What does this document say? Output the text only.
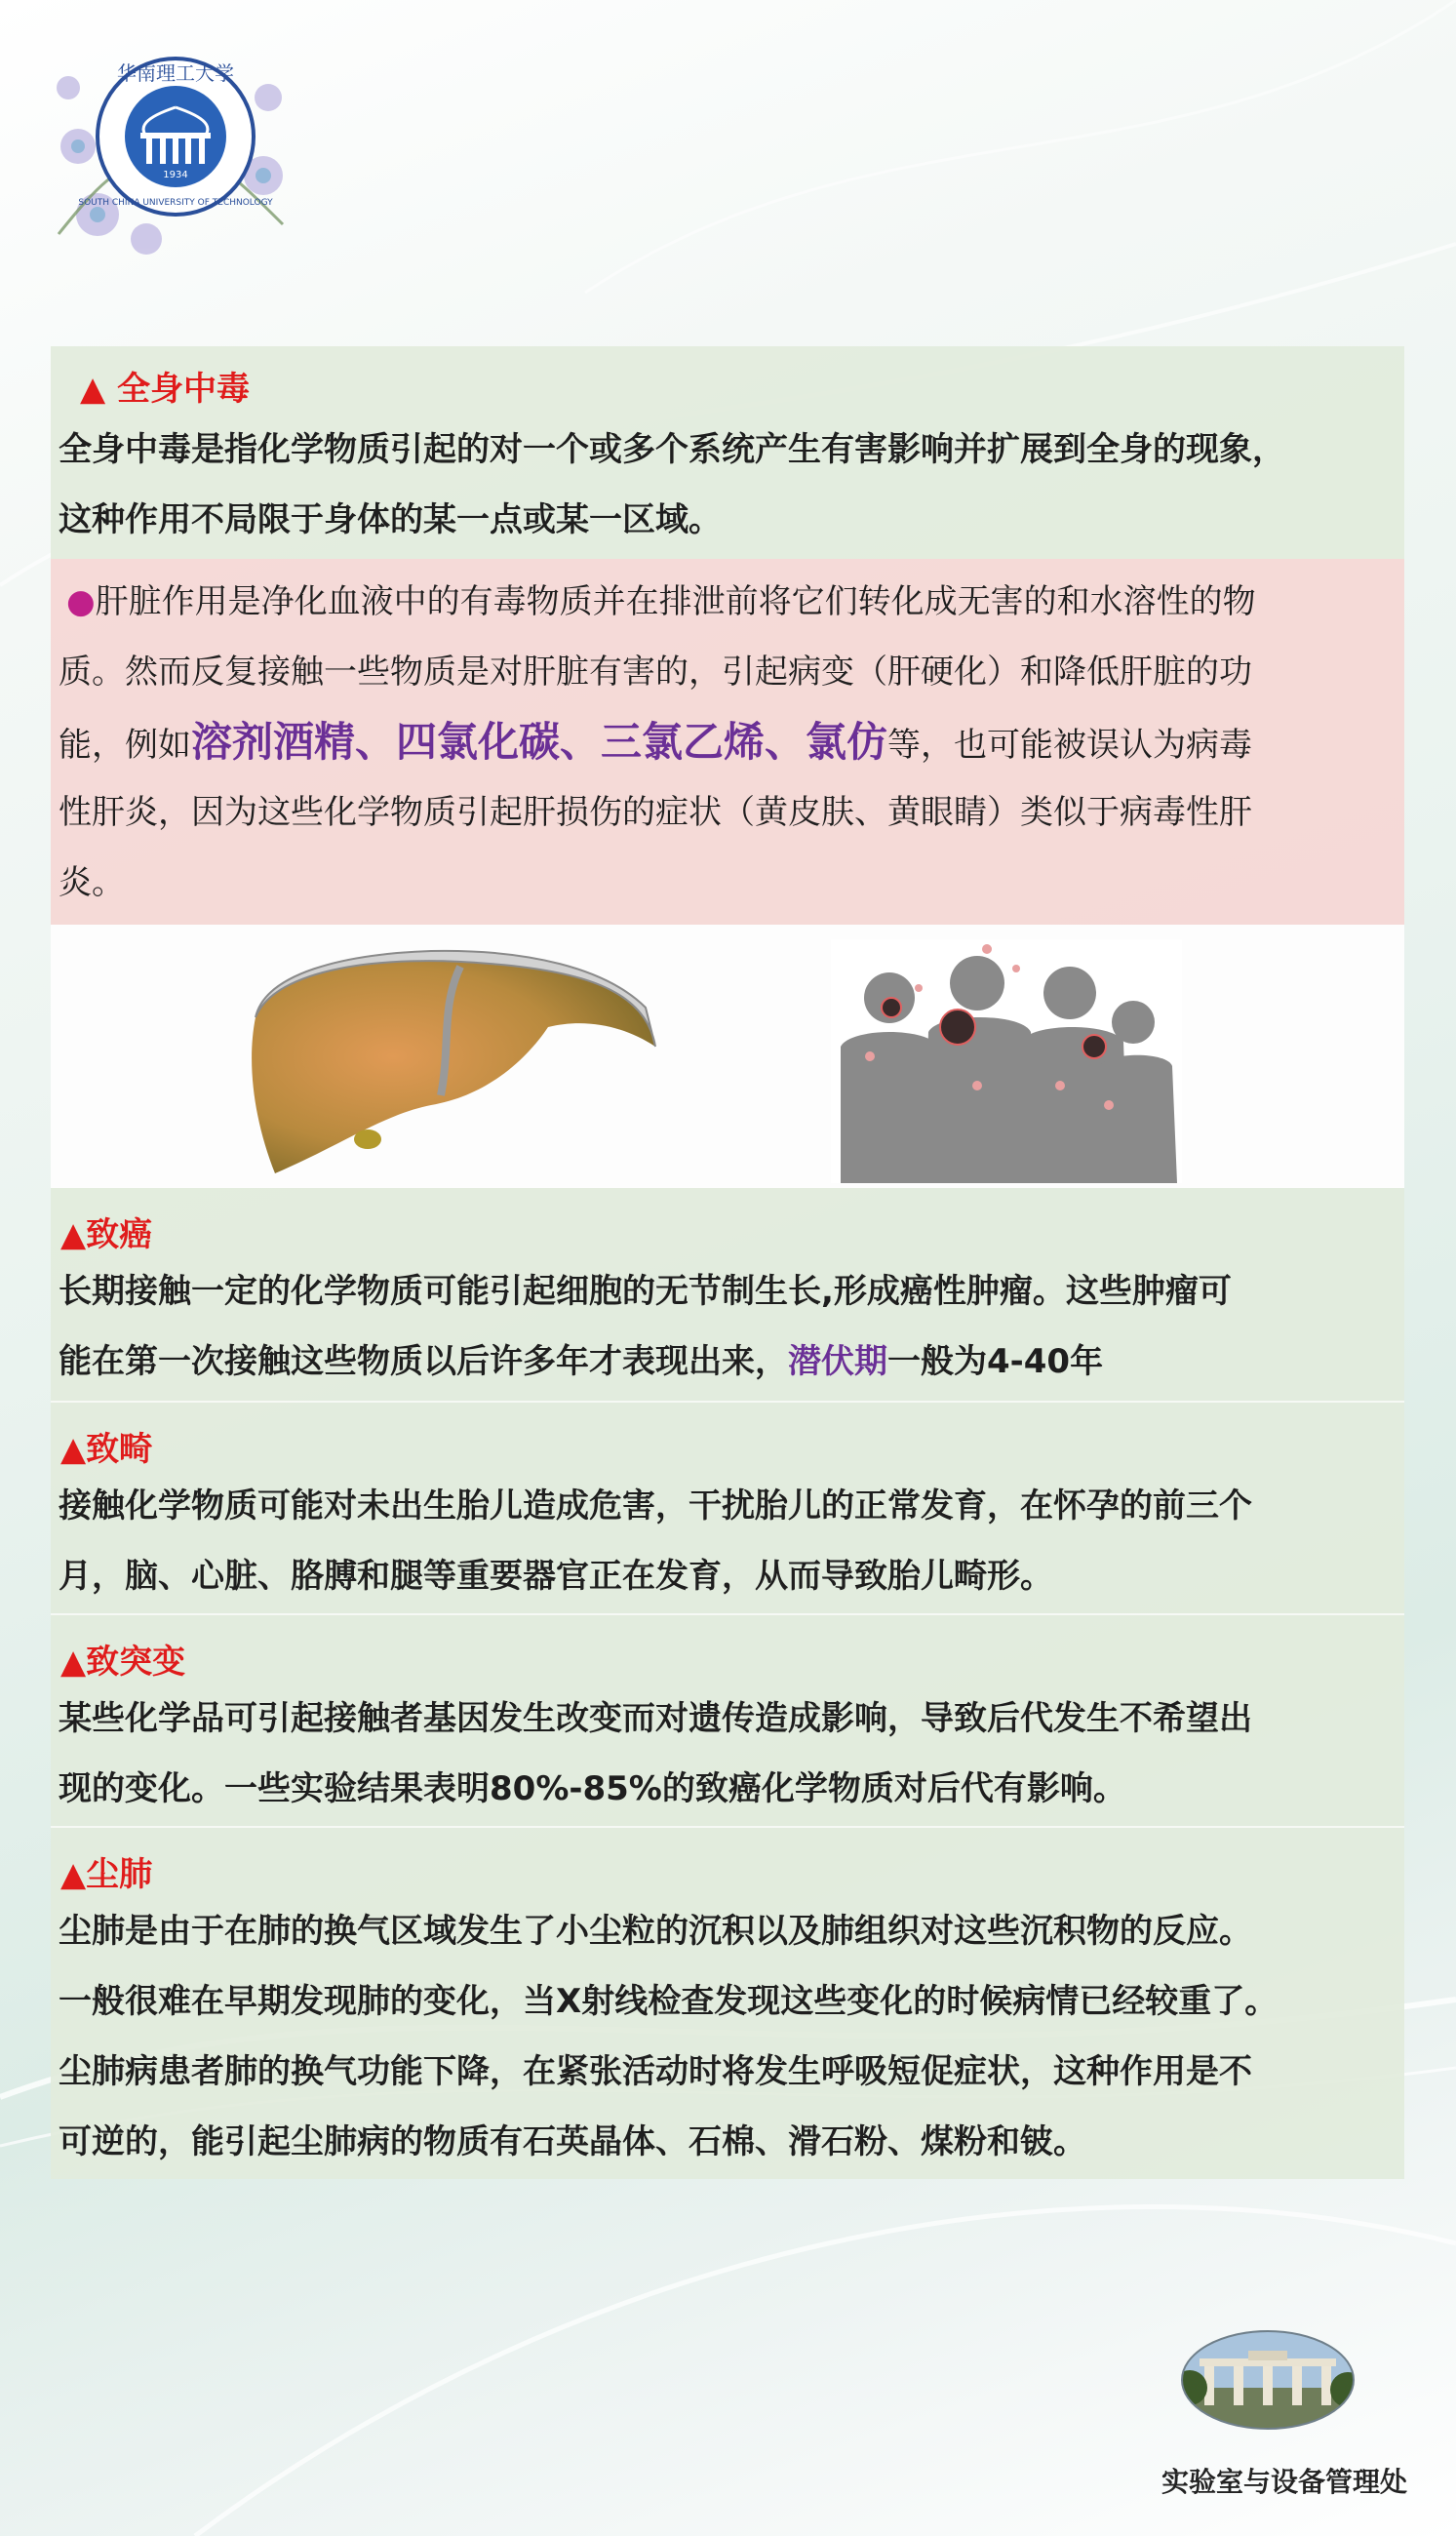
华南理工大学
SOUTH CHINA UNIVERSITY OF TECHNOLOGY
1934
▲ 全身中毒
全身中毒是指化学物质引起的对一个或多个系统产生有害影响并扩展到全身的现象，
这种作用不局限于身体的某一点或某一区域。
●肝脏作用是净化血液中的有毒物质并在排泄前将它们转化成无害的和水溶性的物
质。然而反复接触一些物质是对肝脏有害的，引起病变（肝硬化）和降低肝脏的功
能，例如溶剂酒精、四氯化碳、三氯乙烯、氯仿等，也可能被误认为病毒
性肝炎，因为这些化学物质引起肝损伤的症状（黄皮肤、黄眼睛）类似于病毒性肝
炎。
▲致癌
长期接触一定的化学物质可能引起细胞的无节制生长,形成癌性肿瘤。这些肿瘤可
能在第一次接触这些物质以后许多年才表现出来，潜伏期一般为4-40年
▲致畸
接触化学物质可能对未出生胎儿造成危害，干扰胎儿的正常发育，在怀孕的前三个
月，脑、心脏、胳膊和腿等重要器官正在发育，从而导致胎儿畸形。
▲致突变
某些化学品可引起接触者基因发生改变而对遗传造成影响，导致后代发生不希望出
现的变化。一些实验结果表明80%-85%的致癌化学物质对后代有影响。
▲尘肺
尘肺是由于在肺的换气区域发生了小尘粒的沉积以及肺组织对这些沉积物的反应。
一般很难在早期发现肺的变化，当X射线检查发现这些变化的时候病情已经较重了。
尘肺病患者肺的换气功能下降，在紧张活动时将发生呼吸短促症状，这种作用是不
可逆的，能引起尘肺病的物质有石英晶体、石棉、滑石粉、煤粉和铍。
实验室与设备管理处
